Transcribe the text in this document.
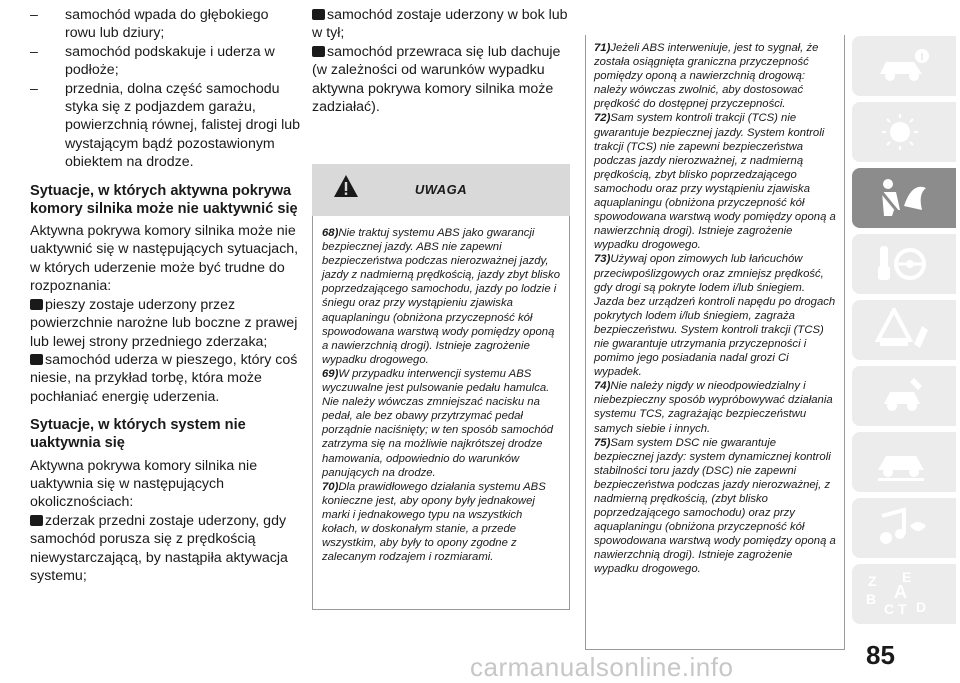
– samochód wpada do głębokiego rowu lub dziury;

– samochód podskakuje i uderza w podłoże;

– przednia, dolna część samochodu styka się z podjazdem garażu, powierzchnią równej, falistej drogi lub wystającym bądź pozostawionym obiektem na drodze.

Sytuacje, w których aktywna pokrywa komory silnika może nie uaktywnić się

Aktywna pokrywa komory silnika może nie uaktywnić się w następujących sytuacjach, w których uderzenie może być trudne do rozpoznania:

pieszy zostaje uderzony przez powierzchnie narożne lub boczne z prawej lub lewej strony przedniego zderzaka;

samochód uderza w pieszego, który coś niesie, na przykład torbę, która może pochłaniać energię uderzenia.

Sytuacje, w których system nie uaktywnia się

Aktywna pokrywa komory silnika nie uaktywnia się w następujących okolicznościach:

zderzak przedni zostaje uderzony, gdy samochód porusza się z prędkością niewystarczającą, by nastąpiła aktywacja systemu;

samochód zostaje uderzony w bok lub w tył;

samochód przewraca się lub dachuje (w zależności od warunków wypadku aktywna pokrywa komory silnika może zadziałać).

UWAGA

68)Nie traktuj systemu ABS jako gwarancji bezpiecznej jazdy. ABS nie zapewni bezpieczeństwa podczas nierozważnej jazdy, jazdy z nadmierną prędkością, jazdy zbyt blisko poprzedzającego samochodu, jazdy po lodzie i śniegu oraz przy wystąpieniu zjawiska aquaplaningu (obniżona przyczepność kół spowodowana warstwą wody pomiędzy oponą a nawierzchnią drogi). Istnieje zagrożenie wypadku drogowego.

69)W przypadku interwencji systemu ABS wyczuwalne jest pulsowanie pedału hamulca. Nie należy wówczas zmniejszać nacisku na pedał, ale bez obawy przytrzymać pedał porządnie naciśnięty; w ten sposób samochód zatrzyma się na możliwie najkrótszej drodze hamowania, odpowiednio do warunków panujących na drodze.

70)Dla prawidłowego działania systemu ABS konieczne jest, aby opony były jednakowej marki i jednakowego typu na wszystkich kołach, w doskonałym stanie, a przede wszystkim, aby były to opony zgodne z zalecanym rodzajem i rozmiarami.

71)Jeżeli ABS interweniuje, jest to sygnał, że została osiągnięta graniczna przyczepność pomiędzy oponą a nawierzchnią drogową: należy wówczas zwolnić, aby dostosować prędkość do dostępnej przyczepności.

72)Sam system kontroli trakcji (TCS) nie gwarantuje bezpiecznej jazdy. System kontroli trakcji (TCS) nie zapewni bezpieczeństwa podczas jazdy nierozważnej, z nadmierną prędkością, zbyt blisko poprzedzającego samochodu oraz przy wystąpieniu zjawiska aquaplaningu (obniżona przyczepność kół spowodowana warstwą wody pomiędzy oponą a nawierzchnią drogi). Istnieje zagrożenie wypadku drogowego.

73)Używaj opon zimowych lub łańcuchów przeciwpoślizgowych oraz zmniejsz prędkość, gdy drogi są pokryte lodem i/lub śniegiem. Jazda bez urządzeń kontroli napędu po drogach pokrytych lodem i/lub śniegiem, zagraża bezpieczeństwu. System kontroli trakcji (TCS) nie gwarantuje utrzymania przyczepności i pomimo jego posiadania nadal grozi Ci wypadek.

74)Nie należy nigdy w nieodpowiedzialny i niebezpieczny sposób wypróbowywać działania systemu TCS, zagrażając bezpieczeństwu samych siebie i innych.

75)Sam system DSC nie gwarantuje bezpiecznej jazdy: system dynamicznej kontroli stabilności toru jazdy (DSC) nie zapewni bezpieczeństwa podczas jazdy nierozważnej, z nadmierną prędkością, (zbyt blisko poprzedzającego samochodu) oraz przy aquaplaningu (obniżona przyczepność kół spowodowana warstwą wody pomiędzy oponą a nawierzchnią drogi). Istnieje zagrożenie wypadku drogowego.

Z E
B
C T D
A
85
carmanualsonline.info
